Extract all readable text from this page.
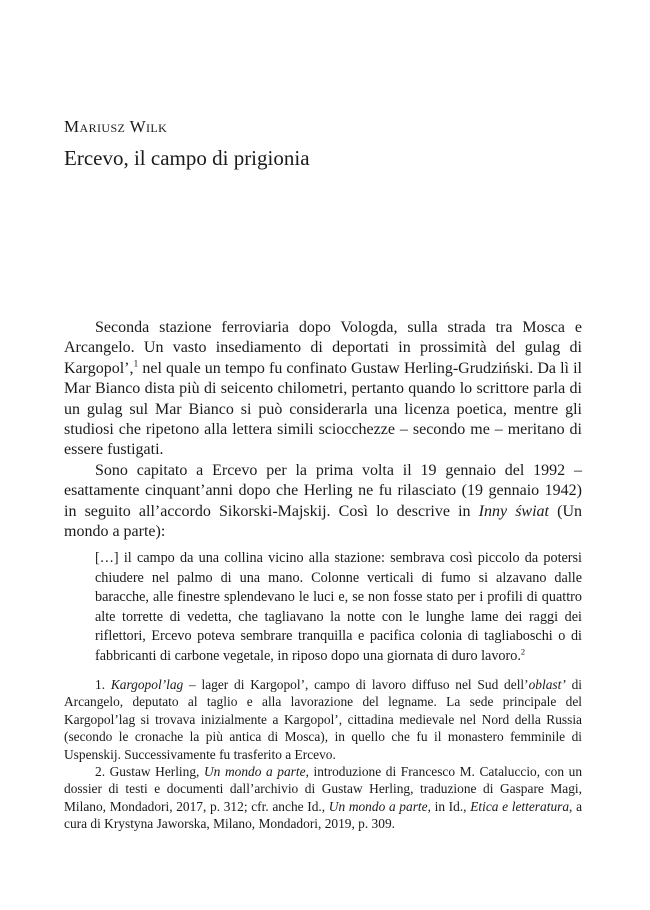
Mariusz Wilk
Ercevo, il campo di prigionia

Seconda stazione ferroviaria dopo Vologda, sulla strada tra Mosca e Arcangelo. Un vasto insediamento di deportati in prossimità del gulag di Kargopol’,$^1$ nel quale un tempo fu confinato Gustaw Herling-Grudziński. Da lì il Mar Bianco dista più di seicento chilometri, pertanto quando lo scrittore parla di un gulag sul Mar Bianco si può considerarla una licenza poetica, mentre gli studiosi che ripetono alla lettera simili sciocchezze – secondo me – meritano di essere fustigati.

Sono capitato a Ercevo per la prima volta il 19 gennaio del 1992 – esattamente cinquant’anni dopo che Herling ne fu rilasciato (19 gennaio 1942) in seguito all’accordo Sikorski-Majskij. Così lo descrive in Inny świat (Un mondo a parte):

[…] il campo da una collina vicino alla stazione: sembrava così piccolo da potersi chiudere nel palmo di una mano. Colonne verticali di fumo si alzavano dalle baracche, alle finestre splendevano le luci e, se non fosse stato per i profili di quattro alte torrette di vedetta, che tagliavano la notte con le lunghe lame dei raggi dei riflettori, Ercevo poteva sembrare tranquilla e pacifica colonia di tagliaboschi o di fabbricanti di carbone vegetale, in riposo dopo una giornata di duro lavoro.$^2$

1. Kargopol’lag – lager di Kargopol’, campo di lavoro diffuso nel Sud dell’oblast’ di Arcangelo, deputato al taglio e alla lavorazione del legname. La sede principale del Kargopol’lag si trovava inizialmente a Kargopol’, cittadina medievale nel Nord della Russia (secondo le cronache la più antica di Mosca), in quello che fu il monastero femminile di Uspenskij. Successivamente fu trasferito a Ercevo.

2. Gustaw Herling, Un mondo a parte, introduzione di Francesco M. Cataluccio, con un dossier di testi e documenti dall’archivio di Gustaw Herling, traduzione di Gaspare Magi, Milano, Mondadori, 2017, p. 312; cfr. anche Id., Un mondo a parte, in Id., Etica e letteratura, a cura di Krystyna Jaworska, Milano, Mondadori, 2019, p. 309.
